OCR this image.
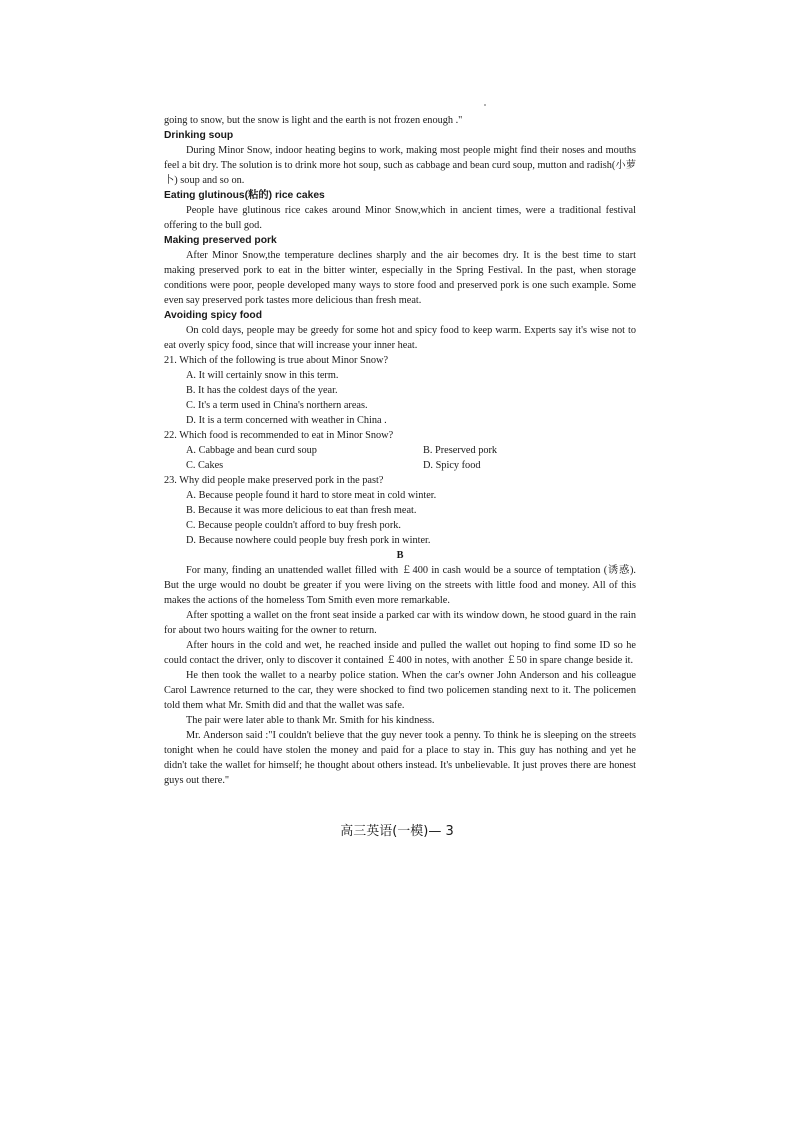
going to snow, but the snow is light and the earth is not frozen enough ."

Drinking soup

During Minor Snow, indoor heating begins to work, making most people might find their noses and mouths feel a bit dry. The solution is to drink more hot soup, such as cabbage and bean curd soup, mutton and radish(小萝卜) soup and so on.

Eating glutinous(粘的) rice cakes

People have glutinous rice cakes around Minor Snow,which in ancient times, were a traditional festival offering to the bull god.

Making preserved pork

After Minor Snow,the temperature declines sharply and the air becomes dry. It is the best time to start making preserved pork to eat in the bitter winter, especially in the Spring Festival. In the past, when storage conditions were poor, people developed many ways to store food and preserved pork is one such example. Some even say preserved pork tastes more delicious than fresh meat.

Avoiding spicy food

On cold days, people may be greedy for some hot and spicy food to keep warm. Experts say it's wise not to eat overly spicy food, since that will increase your inner heat.

21. Which of the following is true about Minor Snow?

A. It will certainly snow in this term.

B. It has the coldest days of the year.

C. It's a term used in China's northern areas.

D. It is a term concerned with weather in China .

22. Which food is recommended to eat in Minor Snow?

A. Cabbage and bean curd soup	B. Preserved pork
C. Cakes	D. Spicy food

23. Why did people make preserved pork in the past?

A. Because people found it hard to store meat in cold winter.

B. Because it was more delicious to eat than fresh meat.

C. Because people couldn't afford to buy fresh pork.

D. Because nowhere could people buy fresh pork in winter.

B

For many, finding an unattended wallet filled with ￡400 in cash would be a source of temptation (诱惑). But the urge would no doubt be greater if you were living on the streets with little food and money. All of this makes the actions of the homeless Tom Smith even more remarkable.

After spotting a wallet on the front seat inside a parked car with its window down, he stood guard in the rain for about two hours waiting for the owner to return.

After hours in the cold and wet, he reached inside and pulled the wallet out hoping to find some ID so he could contact the driver, only to discover it contained ￡400 in notes, with another ￡50 in spare change beside it.

He then took the wallet to a nearby police station. When the car's owner John Anderson and his colleague Carol Lawrence returned to the car, they were shocked to find two policemen standing next to it. The policemen told them what Mr. Smith did and that the wallet was safe.

The pair were later able to thank Mr. Smith for his kindness.

Mr. Anderson said :"I couldn't believe that the guy never took a penny. To think he is sleeping on the streets tonight when he could have stolen the money and paid for a place to stay in. This guy has nothing and yet he didn't take the wallet for himself; he thought about others instead. It's unbelievable. It just proves there are honest guys out there."

高三英语(一模)— 3
